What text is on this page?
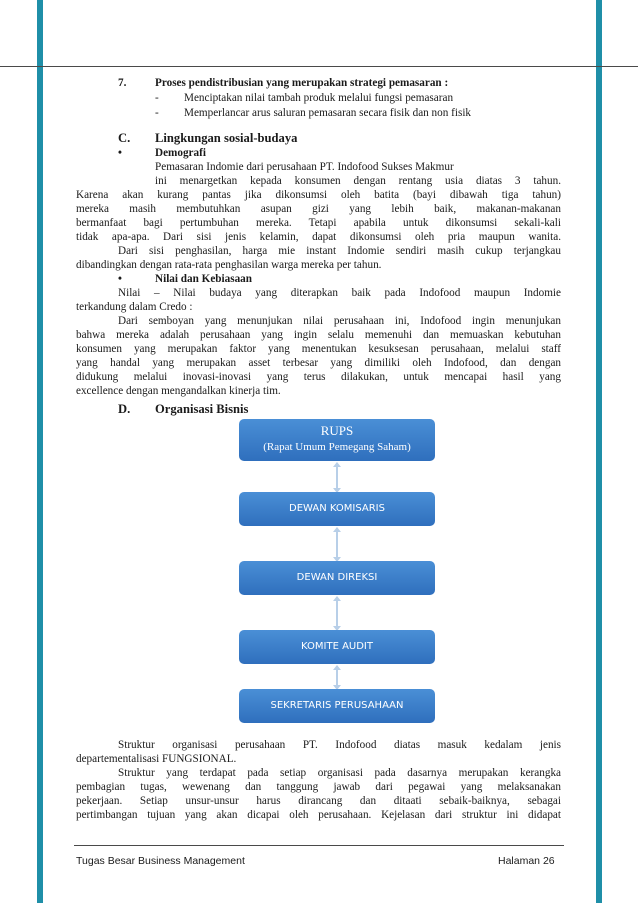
7.	Proses pendistribusian yang merupakan strategi pemasaran :
- Menciptakan nilai tambah produk melalui fungsi pemasaran
- Memperlancar arus saluran pemasaran secara fisik dan non fisik
C. Lingkungan sosial-budaya
•	Demografi
Pemasaran Indomie dari perusahaan PT. Indofood Sukses Makmur
ini menargetkan kepada konsumen dengan rentang usia diatas 3 tahun.
Karena akan kurang pantas jika dikonsumsi oleh batita (bayi dibawah tiga tahun)
mereka masih membutuhkan asupan gizi yang lebih baik, makanan-makanan
bermanfaat bagi pertumbuhan mereka. Tetapi apabila untuk dikonsumsi sekali-kali
tidak apa-apa. Dari sisi jenis kelamin, dapat dikonsumsi oleh pria maupun wanita.
Dari sisi penghasilan, harga mie instant Indomie sendiri masih cukup terjangkau
dibandingkan dengan rata-rata penghasilan warga mereka per tahun.
•	Nilai dan Kebiasaan
Nilai – Nilai budaya yang diterapkan baik pada Indofood maupun Indomie
terkandung dalam Credo :
Dari semboyan yang menunjukan nilai perusahaan ini, Indofood ingin menunjukan
bahwa mereka adalah perusahaan yang ingin selalu memenuhi dan memuaskan kebutuhan
konsumen yang merupakan faktor yang menentukan kesuksesan perusahaan, melalui staff
yang handal yang merupakan asset terbesar yang dimiliki oleh Indofood, dan dengan
didukung melalui inovasi-inovasi yang terus dilakukan, untuk mencapai hasil yang
excellence dengan mengandalkan kinerja tim.
D. Organisasi Bisnis
RUPS
(Rapat Umum Pemegang Saham)
DEWAN KOMISARIS
DEWAN DIREKSI
KOMITE AUDIT
SEKRETARIS PERUSAHAAN
Struktur organisasi perusahaan PT. Indofood diatas masuk kedalam jenis
departementalisasi FUNGSIONAL.
Struktur yang terdapat pada setiap organisasi pada dasarnya merupakan kerangka
pembagian tugas, wewenang dan tanggung jawab dari pegawai yang melaksanakan
pekerjaan. Setiap unsur-unsur harus dirancang dan ditaati sebaik-baiknya, sebagai
pertimbangan tujuan yang akan dicapai oleh perusahaan. Kejelasan dari struktur ini didapat
Tugas Besar Business Management	Halaman 26
